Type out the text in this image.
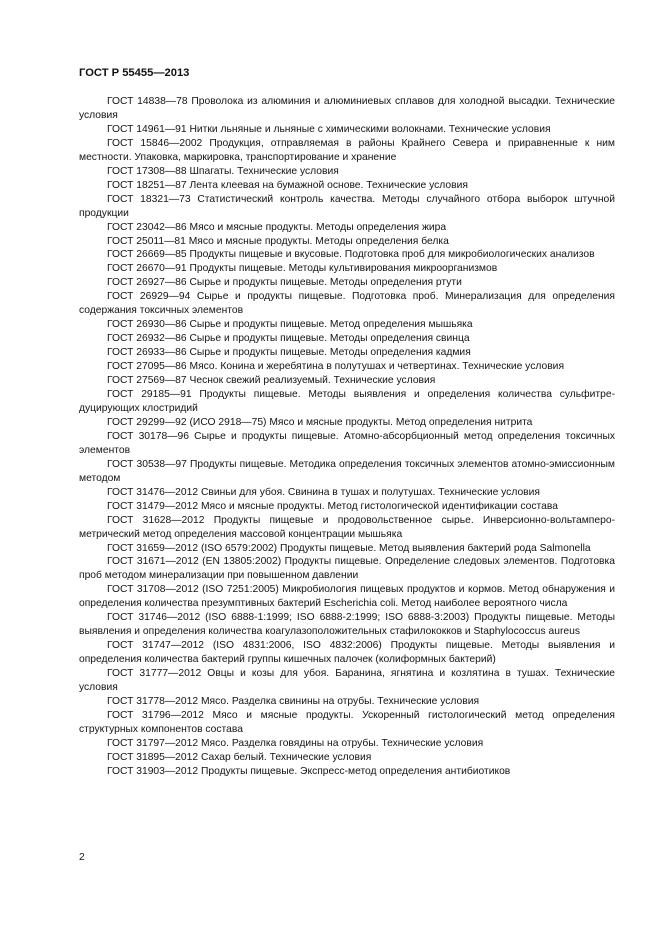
ГОСТ Р 55455—2013

ГОСТ 14838—78 Проволока из алюминия и алюминиевых сплавов для холодной высадки. Технические условия

ГОСТ 14961—91 Нитки льняные и льняные с химическими волокнами. Технические условия

ГОСТ 15846—2002 Продукция, отправляемая в районы Крайнего Севера и приравненные к ним местности. Упаковка, маркировка, транспортирование и хранение

ГОСТ 17308—88 Шпагаты. Технические условия

ГОСТ 18251—87 Лента клеевая на бумажной основе. Технические условия

ГОСТ 18321—73 Статистический контроль качества. Методы случайного отбора выборок штучной продукции

ГОСТ 23042—86 Мясо и мясные продукты. Методы определения жира

ГОСТ 25011—81 Мясо и мясные продукты. Методы определения белка

ГОСТ 26669—85 Продукты пищевые и вкусовые. Подготовка проб для микробиологических анализов

ГОСТ 26670—91 Продукты пищевые. Методы культивирования микроорганизмов

ГОСТ 26927—86 Сырье и продукты пищевые. Методы определения ртути

ГОСТ 26929—94 Сырье и продукты пищевые. Подготовка проб. Минерализация для определения содержания токсичных элементов

ГОСТ 26930—86 Сырье и продукты пищевые. Метод определения мышьяка

ГОСТ 26932—86 Сырье и продукты пищевые. Методы определения свинца

ГОСТ 26933—86 Сырье и продукты пищевые. Методы определения кадмия

ГОСТ 27095—86 Мясо. Конина и жеребятина в полутушах и четвертинах. Технические условия

ГОСТ 27569—87 Чеснок свежий реализуемый. Технические условия

ГОСТ 29185—91 Продукты пищевые. Методы выявления и определения количества сульфитредуцирующих клостридий

ГОСТ 29299—92 (ИСО 2918—75) Мясо и мясные продукты. Метод определения нитрита

ГОСТ 30178—96 Сырье и продукты пищевые. Атомно-абсорбционный метод определения токсичных элементов

ГОСТ 30538—97 Продукты пищевые. Методика определения токсичных элементов атомно-эмиссионным методом

ГОСТ 31476—2012 Свиньи для убоя. Свинина в тушах и полутушах. Технические условия

ГОСТ 31479—2012 Мясо и мясные продукты. Метод гистологической идентификации состава

ГОСТ 31628—2012 Продукты пищевые и продовольственное сырье. Инверсионно-вольтамперометрический метод определения массовой концентрации мышьяка

ГОСТ 31659—2012 (ISO 6579:2002) Продукты пищевые. Метод выявления бактерий рода Salmonella

ГОСТ 31671—2012 (EN 13805:2002) Продукты пищевые. Определение следовых элементов. Подготовка проб методом минерализации при повышенном давлении

ГОСТ 31708—2012 (ISO 7251:2005) Микробиология пищевых продуктов и кормов. Метод обнаружения и определения количества презумптивных бактерий Escherichia coli. Метод наиболее вероятного числа

ГОСТ 31746—2012 (ISO 6888-1:1999; ISO 6888-2:1999; ISO 6888-3:2003) Продукты пищевые. Методы выявления и определения количества коагулазоположительных стафилококков и Staphylococcus aureus

ГОСТ 31747—2012 (ISO 4831:2006, ISO 4832:2006) Продукты пищевые. Методы выявления и определения количества бактерий группы кишечных палочек (колиформных бактерий)

ГОСТ 31777—2012 Овцы и козы для убоя. Баранина, ягнятина и козлятина в тушах. Технические условия

ГОСТ 31778—2012 Мясо. Разделка свинины на отрубы. Технические условия

ГОСТ 31796—2012 Мясо и мясные продукты. Ускоренный гистологический метод определения структурных компонентов состава

ГОСТ 31797—2012 Мясо. Разделка говядины на отрубы. Технические условия

ГОСТ 31895—2012 Сахар белый. Технические условия

ГОСТ 31903—2012 Продукты пищевые. Экспресс-метод определения антибиотиков

2
